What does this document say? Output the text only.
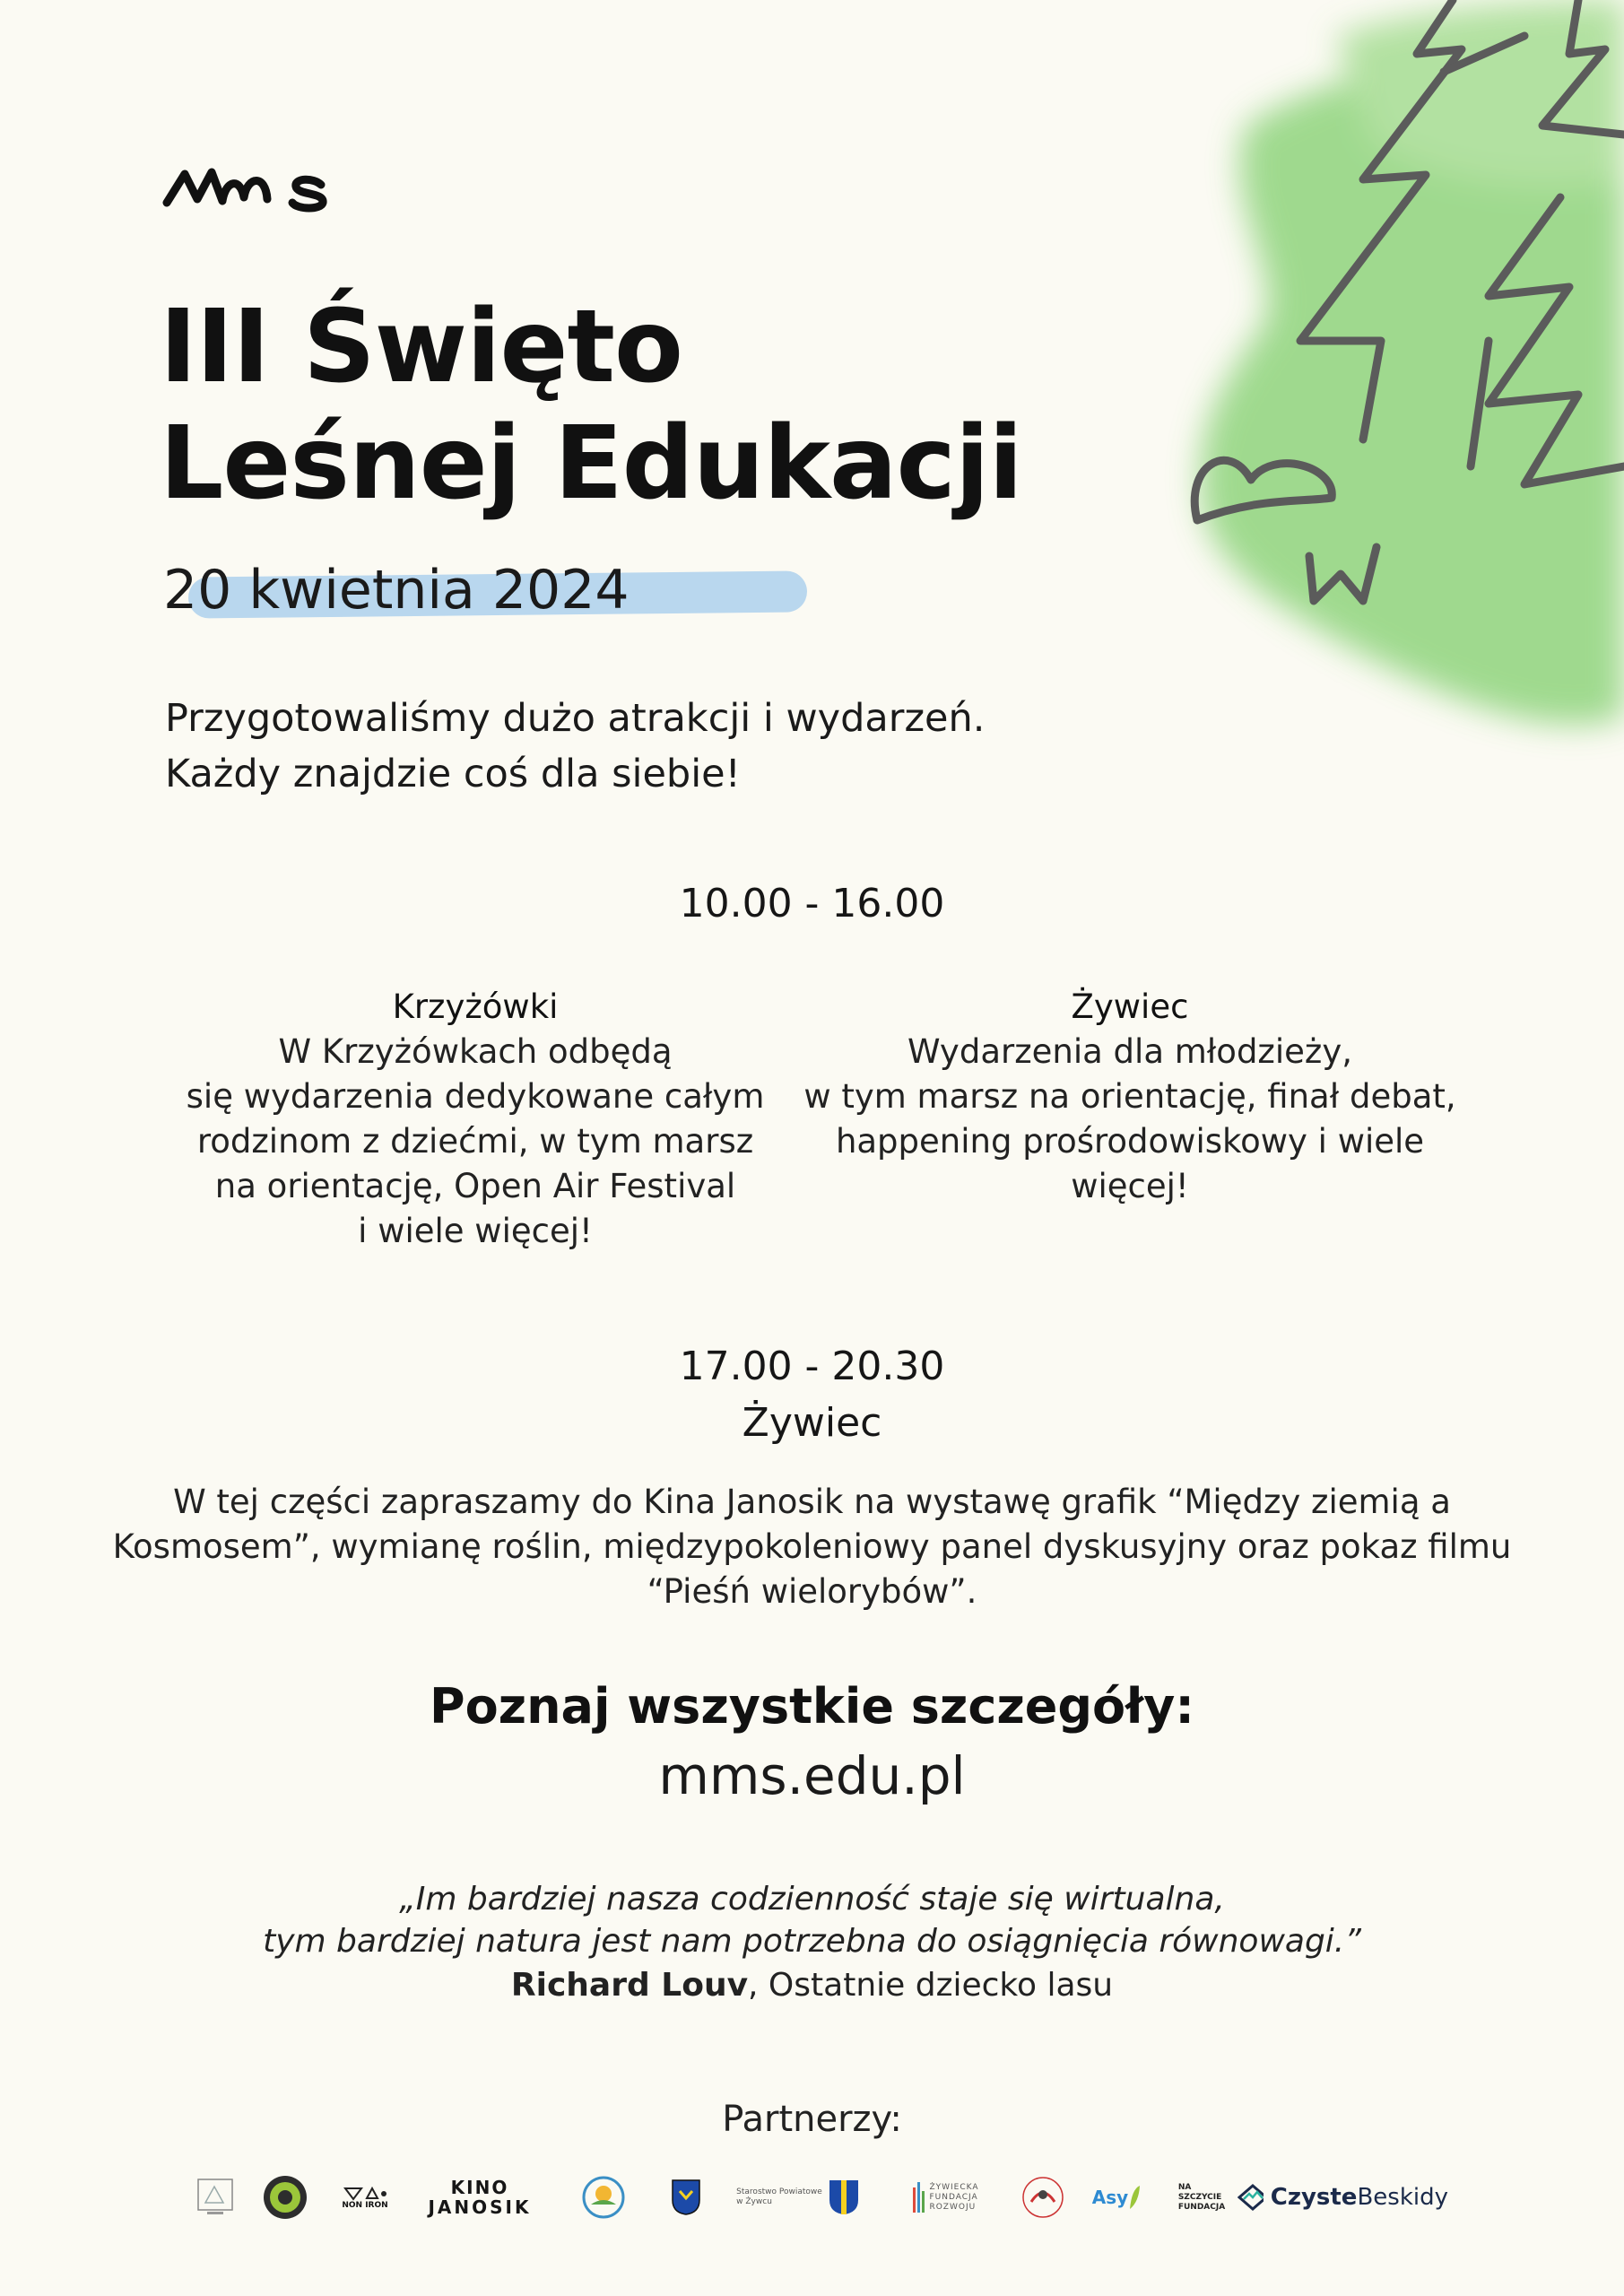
III Święto
Leśnej Edukacji
20 kwietnia 2024
Przygotowaliśmy dużo atrakcji i wydarzeń.
Każdy znajdzie coś dla siebie!
10.00 - 16.00
Krzyżówki
W Krzyżówkach odbędą
się wydarzenia dedykowane całym
rodzinom z dziećmi, w tym marsz
na orientację, Open Air Festival
i wiele więcej!
Żywiec
Wydarzenia dla młodzieży,
w tym marsz na orientację, finał debat,
happening prośrodowiskowy i wiele
więcej!
17.00 - 20.30
Żywiec
W tej części zapraszamy do Kina Janosik na wystawę grafik “Między ziemią a
Kosmosem”, wymianę roślin, międzypokoleniowy panel dyskusyjny oraz pokaz filmu
“Pieśń wielorybów”.
Poznaj wszystkie szczegóły:
mms.edu.pl
„Im bardziej nasza codzienność staje się wirtualna,
tym bardziej natura jest nam potrzebna do osiągnięcia równowagi.”
Richard Louv, Ostatnie dziecko lasu
Partnerzy:
NON IRON
KINO
JANOSIK
Starostwo Powiatowe
w Żywcu
ŻYWIECKA
FUNDACJA
ROZWOJU	Asy	NA
SZCZYCIE
FUNDACJA CzysteBeskidy
